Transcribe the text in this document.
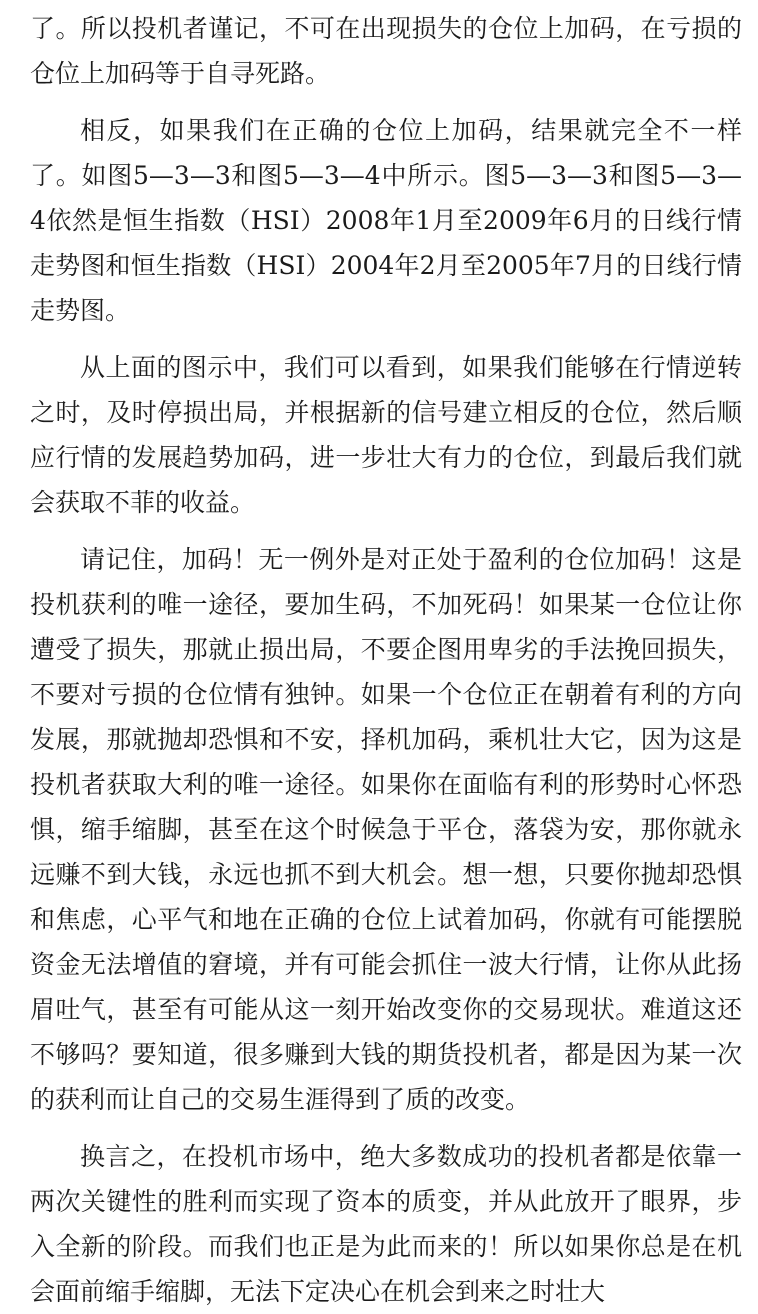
了。所以投机者谨记，不可在出现损失的仓位上加码，在亏损的仓位上加码等于自寻死路。

相反，如果我们在正确的仓位上加码，结果就完全不一样了。如图5—3—3和图5—3—4中所示。图5—3—3和图5—3—4依然是恒生指数（HSI）2008年1月至2009年6月的日线行情走势图和恒生指数（HSI）2004年2月至2005年7月的日线行情走势图。

从上面的图示中，我们可以看到，如果我们能够在行情逆转之时，及时停损出局，并根据新的信号建立相反的仓位，然后顺应行情的发展趋势加码，进一步壮大有力的仓位，到最后我们就会获取不菲的收益。

请记住，加码！无一例外是对正处于盈利的仓位加码！这是投机获利的唯一途径，要加生码，不加死码！如果某一仓位让你遭受了损失，那就止损出局，不要企图用卑劣的手法挽回损失，不要对亏损的仓位情有独钟。如果一个仓位正在朝着有利的方向发展，那就抛却恐惧和不安，择机加码，乘机壮大它，因为这是投机者获取大利的唯一途径。如果你在面临有利的形势时心怀恐惧，缩手缩脚，甚至在这个时候急于平仓，落袋为安，那你就永远赚不到大钱，永远也抓不到大机会。想一想，只要你抛却恐惧和焦虑，心平气和地在正确的仓位上试着加码，你就有可能摆脱资金无法增值的窘境，并有可能会抓住一波大行情，让你从此扬眉吐气，甚至有可能从这一刻开始改变你的交易现状。难道这还不够吗？要知道，很多赚到大钱的期货投机者，都是因为某一次的获利而让自己的交易生涯得到了质的改变。

换言之，在投机市场中，绝大多数成功的投机者都是依靠一两次关键性的胜利而实现了资本的质变，并从此放开了眼界，步入全新的阶段。而我们也正是为此而来的！所以如果你总是在机会面前缩手缩脚，无法下定决心在机会到来之时壮大
